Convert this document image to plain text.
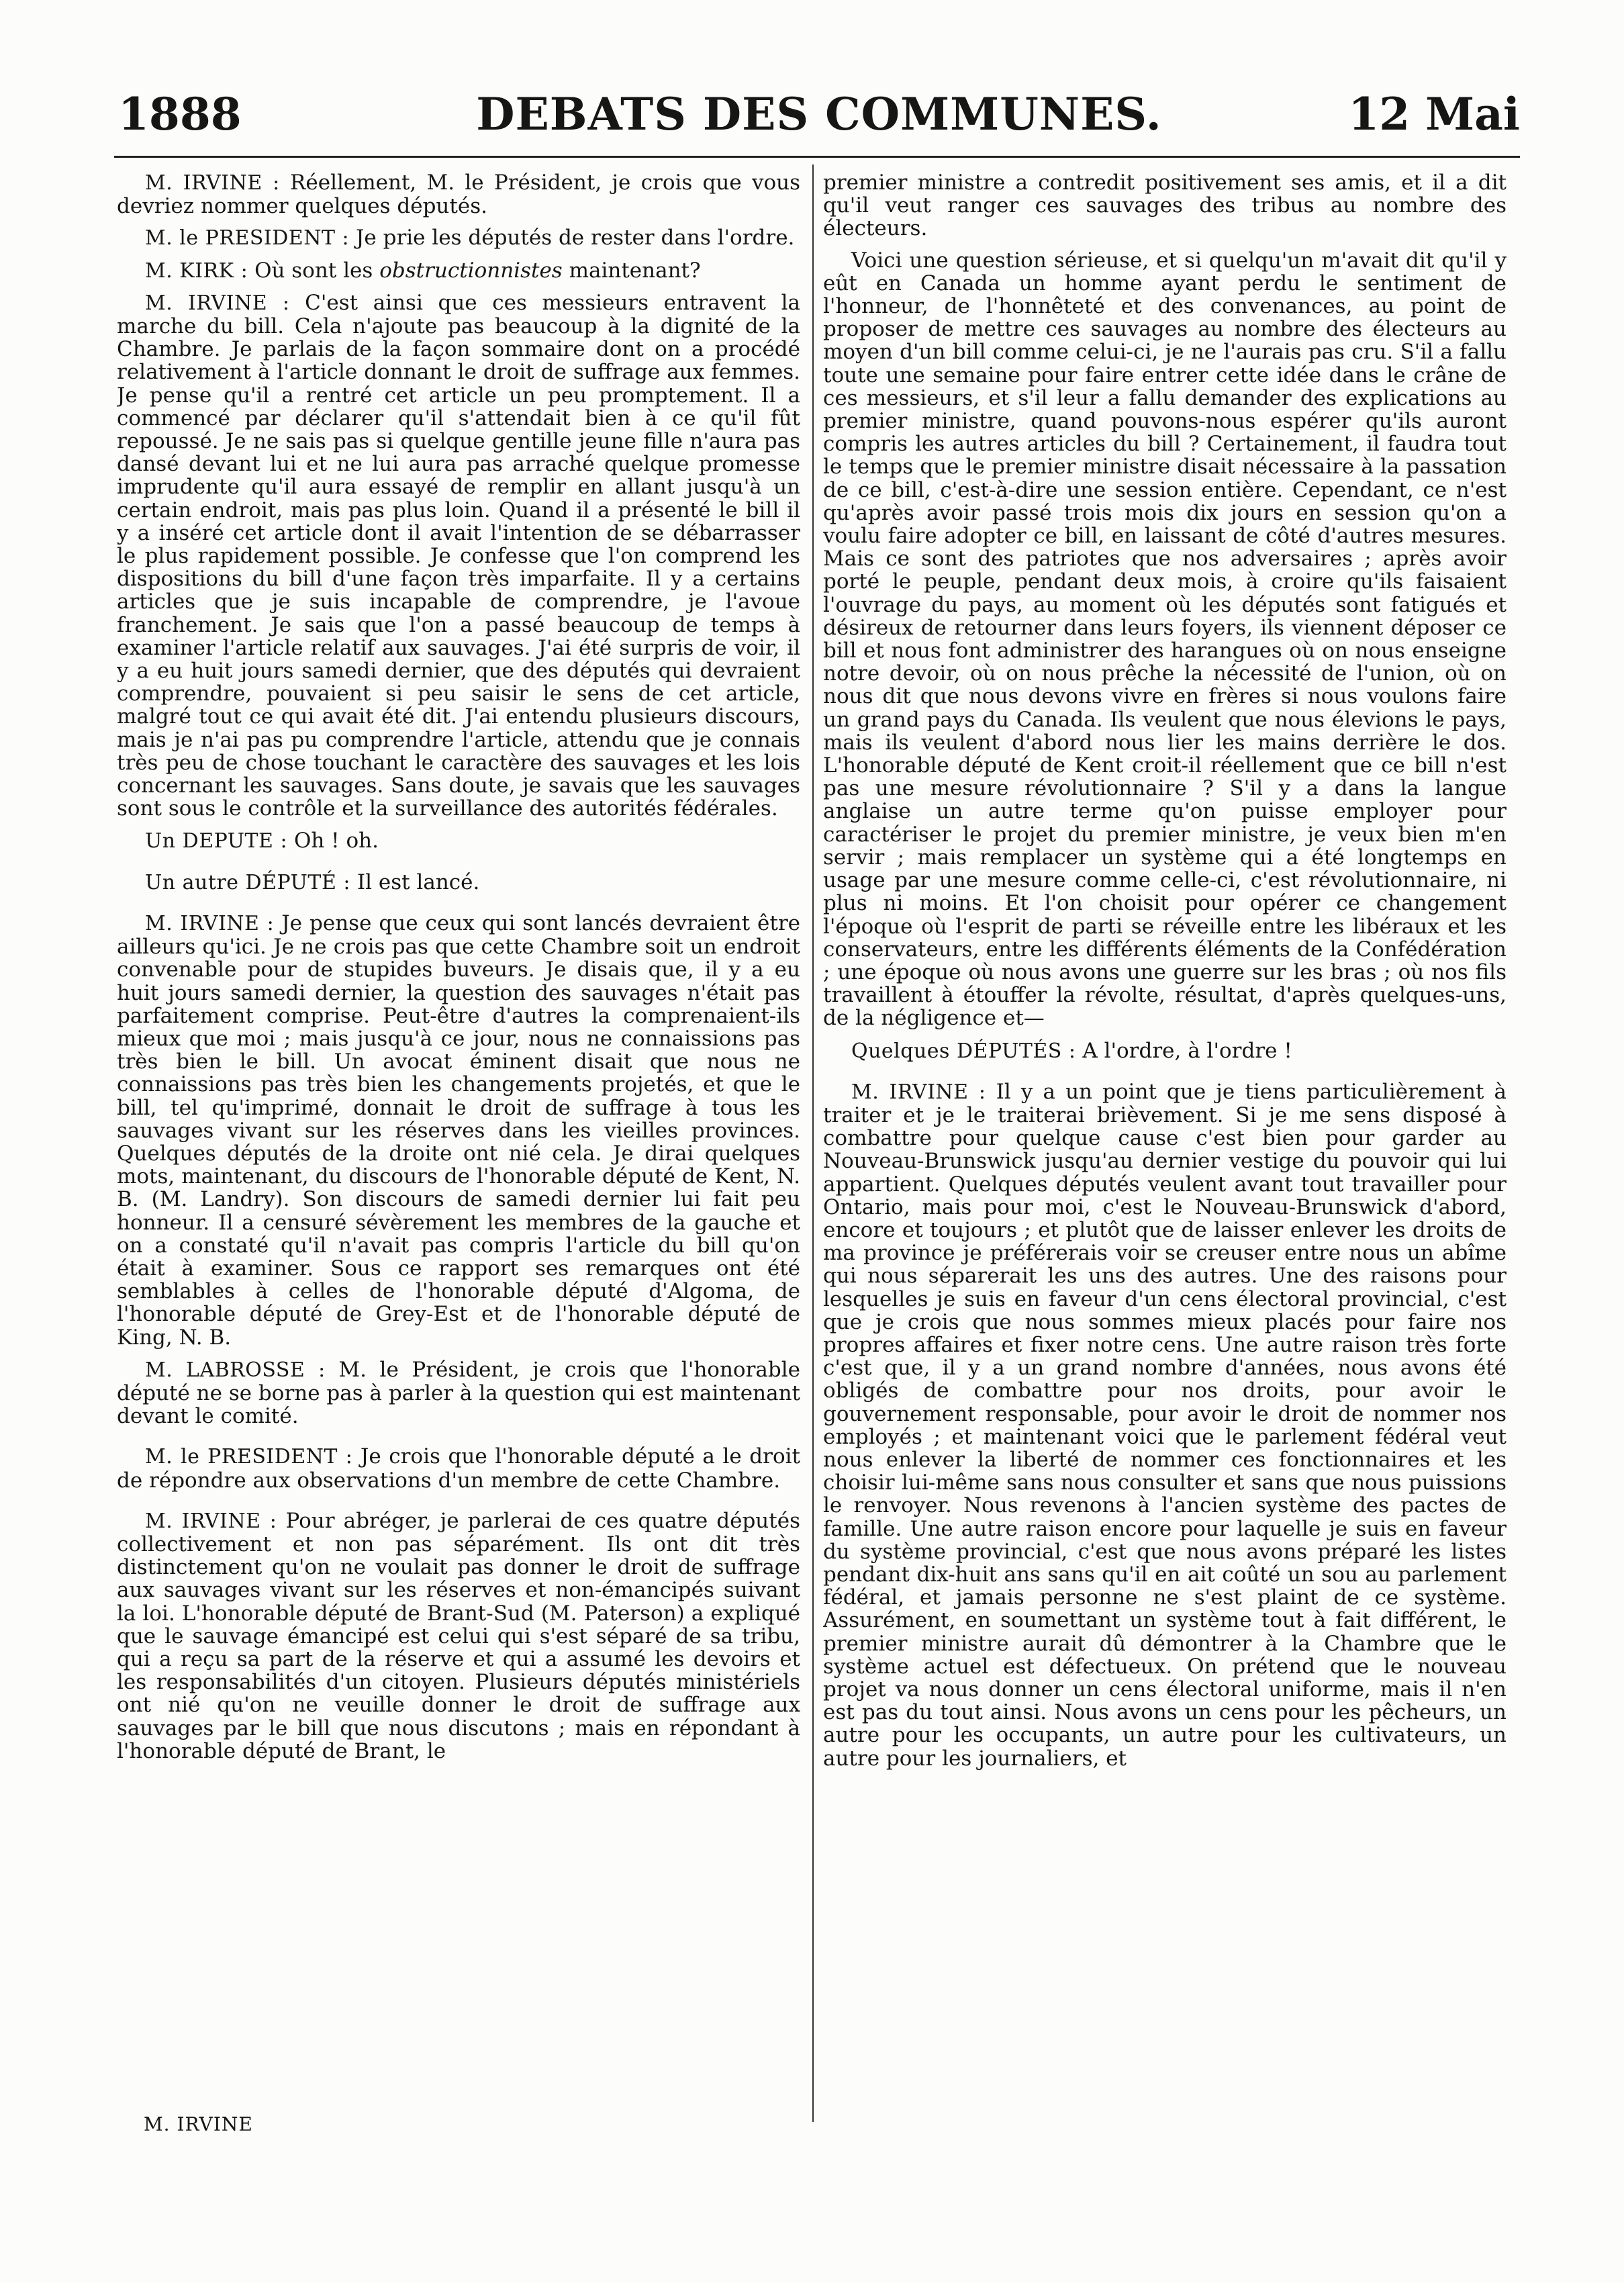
1888	DEBATS DES COMMUNES.	12 Mai

M. IRVINE : Réellement, M. le Président, je crois que vous devriez nommer quelques députés.

M. le PRESIDENT : Je prie les députés de rester dans l'ordre.

M. KIRK : Où sont les obstructionnistes maintenant?

M. IRVINE : C'est ainsi que ces messieurs entravent la marche du bill. Cela n'ajoute pas beaucoup à la dignité de la Chambre. Je parlais de la façon sommaire dont on a procédé relativement à l'article donnant le droit de suffrage aux femmes. Je pense qu'il a rentré cet article un peu promptement. Il a commencé par déclarer qu'il s'attendait bien à ce qu'il fût repoussé. Je ne sais pas si quelque gentille jeune fille n'aura pas dansé devant lui et ne lui aura pas arraché quelque promesse imprudente qu'il aura essayé de remplir en allant jusqu'à un certain endroit, mais pas plus loin. Quand il a présenté le bill il y a inséré cet article dont il avait l'intention de se débarrasser le plus rapidement possible. Je confesse que l'on comprend les dispositions du bill d'une façon très imparfaite. Il y a certains articles que je suis incapable de comprendre, je l'avoue franchement. Je sais que l'on a passé beaucoup de temps à examiner l'article relatif aux sauvages. J'ai été surpris de voir, il y a eu huit jours samedi dernier, que des députés qui devraient comprendre, pouvaient si peu saisir le sens de cet article, malgré tout ce qui avait été dit. J'ai entendu plusieurs discours, mais je n'ai pas pu comprendre l'article, attendu que je connais très peu de chose touchant le caractère des sauvages et les lois concernant les sauvages. Sans doute, je savais que les sauvages sont sous le contrôle et la surveillance des autorités fédérales.

Un DEPUTE : Oh ! oh.

Un autre DÉPUTÉ : Il est lancé.

M. IRVINE : Je pense que ceux qui sont lancés devraient être ailleurs qu'ici. Je ne crois pas que cette Chambre soit un endroit convenable pour de stupides buveurs. Je disais que, il y a eu huit jours samedi dernier, la question des sauvages n'était pas parfaitement comprise. Peut-être d'autres la comprenaient-ils mieux que moi ; mais jusqu'à ce jour, nous ne connaissions pas très bien le bill. Un avocat éminent disait que nous ne connaissions pas très bien les changements projetés, et que le bill, tel qu'imprimé, donnait le droit de suffrage à tous les sauvages vivant sur les réserves dans les vieilles provinces. Quelques députés de la droite ont nié cela. Je dirai quelques mots, maintenant, du discours de l'honorable député de Kent, N. B. (M. Landry). Son discours de samedi dernier lui fait peu honneur. Il a censuré sévèrement les membres de la gauche et on a constaté qu'il n'avait pas compris l'article du bill qu'on était à examiner. Sous ce rapport ses remarques ont été semblables à celles de l'honorable député d'Algoma, de l'honorable député de Grey-Est et de l'honorable député de King, N. B.

M. LABROSSE : M. le Président, je crois que l'honorable député ne se borne pas à parler à la question qui est maintenant devant le comité.

M. le PRESIDENT : Je crois que l'honorable député a le droit de répondre aux observations d'un membre de cette Chambre.

M. IRVINE : Pour abréger, je parlerai de ces quatre députés collectivement et non pas séparément. Ils ont dit très distinctement qu'on ne voulait pas donner le droit de suffrage aux sauvages vivant sur les réserves et non-émancipés suivant la loi. L'honorable député de Brant-Sud (M. Paterson) a expliqué que le sauvage émancipé est celui qui s'est séparé de sa tribu, qui a reçu sa part de la réserve et qui a assumé les devoirs et les responsabilités d'un citoyen. Plusieurs députés ministériels ont nié qu'on ne veuille donner le droit de suffrage aux sauvages par le bill que nous discutons ; mais en répondant à l'honorable député de Brant, le

premier ministre a contredit positivement ses amis, et il a dit qu'il veut ranger ces sauvages des tribus au nombre des électeurs.

Voici une question sérieuse, et si quelqu'un m'avait dit qu'il y eût en Canada un homme ayant perdu le sentiment de l'honneur, de l'honnêteté et des convenances, au point de proposer de mettre ces sauvages au nombre des électeurs au moyen d'un bill comme celui-ci, je ne l'aurais pas cru. S'il a fallu toute une semaine pour faire entrer cette idée dans le crâne de ces messieurs, et s'il leur a fallu demander des explications au premier ministre, quand pouvons-nous espérer qu'ils auront compris les autres articles du bill ? Certainement, il faudra tout le temps que le premier ministre disait nécessaire à la passation de ce bill, c'est-à-dire une session entière. Cependant, ce n'est qu'après avoir passé trois mois dix jours en session qu'on a voulu faire adopter ce bill, en laissant de côté d'autres mesures. Mais ce sont des patriotes que nos adversaires ; après avoir porté le peuple, pendant deux mois, à croire qu'ils faisaient l'ouvrage du pays, au moment où les députés sont fatigués et désireux de retourner dans leurs foyers, ils viennent déposer ce bill et nous font administrer des harangues où on nous enseigne notre devoir, où on nous prêche la nécessité de l'union, où on nous dit que nous devons vivre en frères si nous voulons faire un grand pays du Canada. Ils veulent que nous élevions le pays, mais ils veulent d'abord nous lier les mains derrière le dos. L'honorable député de Kent croit-il réellement que ce bill n'est pas une mesure révolutionnaire ? S'il y a dans la langue anglaise un autre terme qu'on puisse employer pour caractériser le projet du premier ministre, je veux bien m'en servir ; mais remplacer un système qui a été longtemps en usage par une mesure comme celle-ci, c'est révolutionnaire, ni plus ni moins. Et l'on choisit pour opérer ce changement l'époque où l'esprit de parti se réveille entre les libéraux et les conservateurs, entre les différents éléments de la Confédération ; une époque où nous avons une guerre sur les bras ; où nos fils travaillent à étouffer la révolte, résultat, d'après quelques-uns, de la négligence et—

Quelques DÉPUTÉS : A l'ordre, à l'ordre !

M. IRVINE : Il y a un point que je tiens particulièrement à traiter et je le traiterai brièvement. Si je me sens disposé à combattre pour quelque cause c'est bien pour garder au Nouveau-Brunswick jusqu'au dernier vestige du pouvoir qui lui appartient. Quelques députés veulent avant tout travailler pour Ontario, mais pour moi, c'est le Nouveau-Brunswick d'abord, encore et toujours ; et plutôt que de laisser enlever les droits de ma province je préférerais voir se creuser entre nous un abîme qui nous séparerait les uns des autres. Une des raisons pour lesquelles je suis en faveur d'un cens électoral provincial, c'est que je crois que nous sommes mieux placés pour faire nos propres affaires et fixer notre cens. Une autre raison très forte c'est que, il y a un grand nombre d'années, nous avons été obligés de combattre pour nos droits, pour avoir le gouvernement responsable, pour avoir le droit de nommer nos employés ; et maintenant voici que le parlement fédéral veut nous enlever la liberté de nommer ces fonctionnaires et les choisir lui-même sans nous consulter et sans que nous puissions le renvoyer. Nous revenons à l'ancien système des pactes de famille. Une autre raison encore pour laquelle je suis en faveur du système provincial, c'est que nous avons préparé les listes pendant dix-huit ans sans qu'il en ait coûté un sou au parlement fédéral, et jamais personne ne s'est plaint de ce système. Assurément, en soumettant un système tout à fait différent, le premier ministre aurait dû démontrer à la Chambre que le système actuel est défectueux. On prétend que le nouveau projet va nous donner un cens électoral uniforme, mais il n'en est pas du tout ainsi. Nous avons un cens pour les pêcheurs, un autre pour les occupants, un autre pour les cultivateurs, un autre pour les journaliers, et

M. IRVINE
